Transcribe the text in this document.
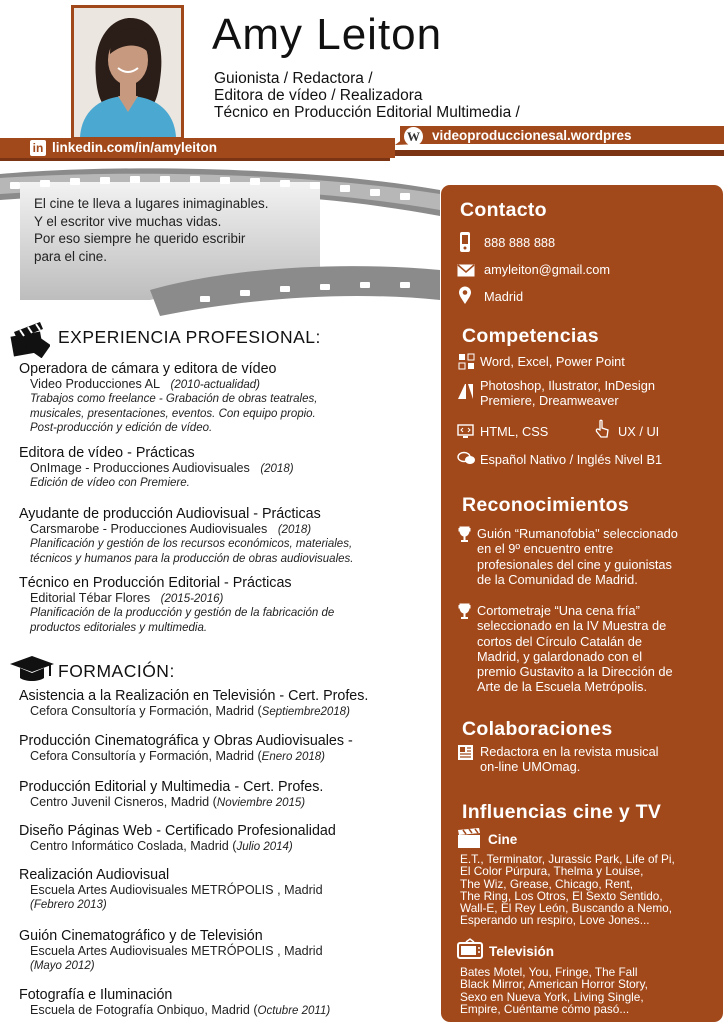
Amy Leiton
Guionista / Redactora /
Editora de vídeo / Realizadora
Técnico en Producción Editorial Multimedia /
in linkedin.com/in/amyleiton
W videoproduccionesal.wordpres
El cine te lleva a lugares inimaginables.
Y el escritor vive muchas vidas.
Por eso siempre he querido escribir
para el cine.
EXPERIENCIA PROFESIONAL:
Operadora de cámara y editora de vídeo
Video Producciones AL (2010-actualidad)
Trabajos como freelance - Grabación de obras teatrales,
musicales, presentaciones, eventos. Con equipo propio.
Post-producción y edición de vídeo.
Editora de vídeo - Prácticas
OnImage - Producciones Audiovisuales (2018)
Edición de vídeo con Premiere.
Ayudante de producción Audiovisual - Prácticas
Carsmarobe - Producciones Audiovisuales (2018)
Planificación y gestión de los recursos económicos, materiales,
técnicos y humanos para la producción de obras audiovisuales.
Técnico en Producción Editorial - Prácticas
Editorial Tébar Flores (2015-2016)
Planificación de la producción y gestión de la fabricación de
productos editoriales y multimedia.
FORMACIÓN:
Asistencia a la Realización en Televisión - Cert. Profes.
Cefora Consultoría y Formación, Madrid (Septiembre2018)
Producción Cinematográfica y Obras Audiovisuales -
Cefora Consultoría y Formación, Madrid (Enero 2018)
Producción Editorial y Multimedia - Cert. Profes.
Centro Juvenil Cisneros, Madrid (Noviembre 2015)
Diseño Páginas Web - Certificado Profesionalidad
Centro Informático Coslada, Madrid (Julio 2014)
Realización Audiovisual
Escuela Artes Audiovisuales METRÓPOLIS , Madrid
(Febrero 2013)
Guión Cinematográfico y de Televisión
Escuela Artes Audiovisuales METRÓPOLIS , Madrid
(Mayo 2012)
Fotografía e Iluminación
Escuela de Fotografía Onbiquo, Madrid (Octubre 2011)
Contacto
888 888 888
amyleiton@gmail.com
Madrid
Competencias
Word, Excel, Power Point
Photoshop, Ilustrator, InDesign
Premiere, Dreamweaver
HTML, CSS	UX / UI
Español Nativo / Inglés Nivel B1
Reconocimientos
Guión “Rumanofobia" seleccionado
en el 9º encuentro entre
profesionales del cine y guionistas
de la Comunidad de Madrid.
Cortometraje “Una cena fría”
seleccionado en la IV Muestra de
cortos del Círculo Catalán de
Madrid, y galardonado con el
premio Gustavito a la Dirección de
Arte de la Escuela Metrópolis.
Colaboraciones
Redactora en la revista musical
on-line UMOmag.
Influencias cine y TV
Cine
E.T., Terminator, Jurassic Park, Life of Pi,
El Color Púrpura, Thelma y Louise,
The Wiz, Grease, Chicago, Rent,
The Ring, Los Otros, El Sexto Sentido,
Wall-E, El Rey León, Buscando a Nemo,
Esperando un respiro, Love Jones...
Televisión
Bates Motel, You, Fringe, The Fall
Black Mirror, American Horror Story,
Sexo en Nueva York, Living Single,
Empire, Cuéntame cómo pasó...
